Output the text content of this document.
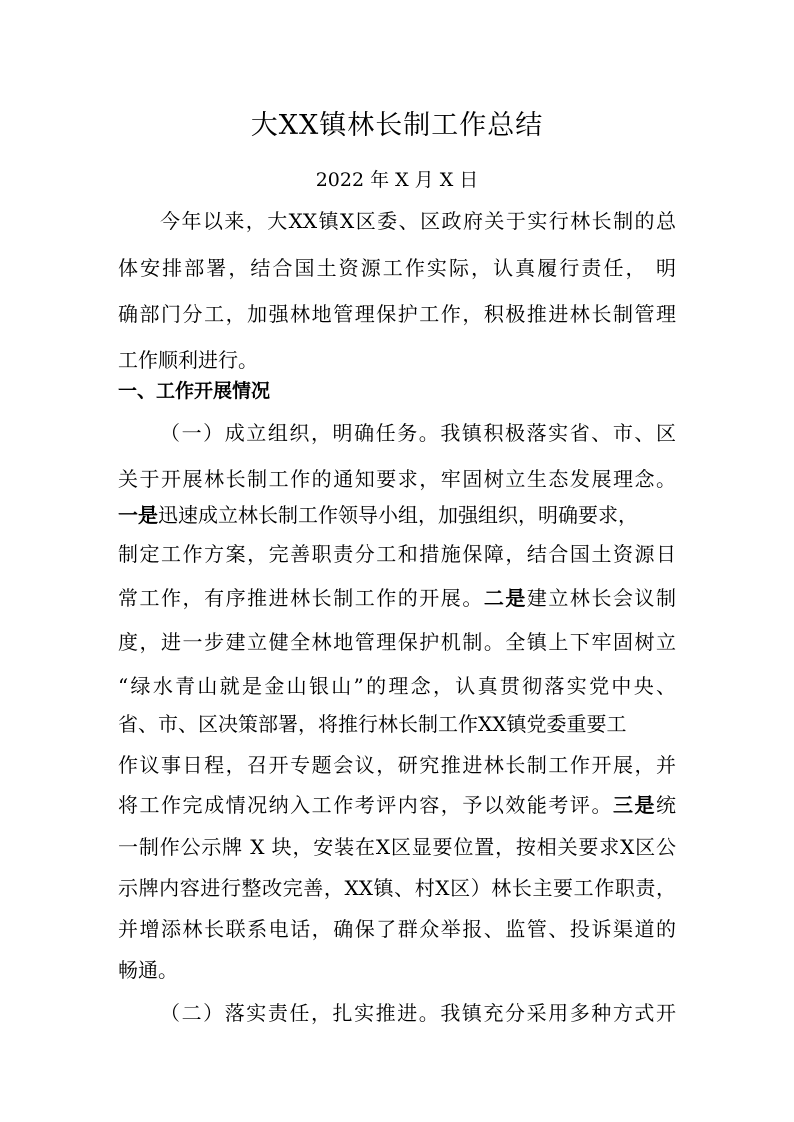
大XX镇林长制工作总结
2022 年 X 月 X 日
今年以来，大XX镇X区委、区政府关于实行林长制的总
体安排部署，结合国土资源工作实际，认真履行责任， 明
确部门分工，加强林地管理保护工作，积极推进林长制管理
工作顺利进行。
一、工作开展情况
（一）成立组织，明确任务。我镇积极落实省、市、区
关于开展林长制工作的通知要求，牢固树立生态发展理念。
一是迅速成立林长制工作领导小组，加强组织，明确要求，
制定工作方案，完善职责分工和措施保障，结合国土资源日
常工作，有序推进林长制工作的开展。二是建立林长会议制
度，进一步建立健全林地管理保护机制。全镇上下牢固树立
“绿水青山就是金山银山”的理念，认真贯彻落实党中央、
省、市、区决策部署，将推行林长制工作XX镇党委重要工
作议事日程，召开专题会议，研究推进林长制工作开展，并
将工作完成情况纳入工作考评内容，予以效能考评。三是统
一制作公示牌 X 块，安装在X区显要位置，按相关要求X区公
示牌内容进行整改完善，XX镇、村X区）林长主要工作职责，
并增添林长联系电话，确保了群众举报、监管、投诉渠道的
畅通。
（二）落实责任，扎实推进。我镇充分采用多种方式开
